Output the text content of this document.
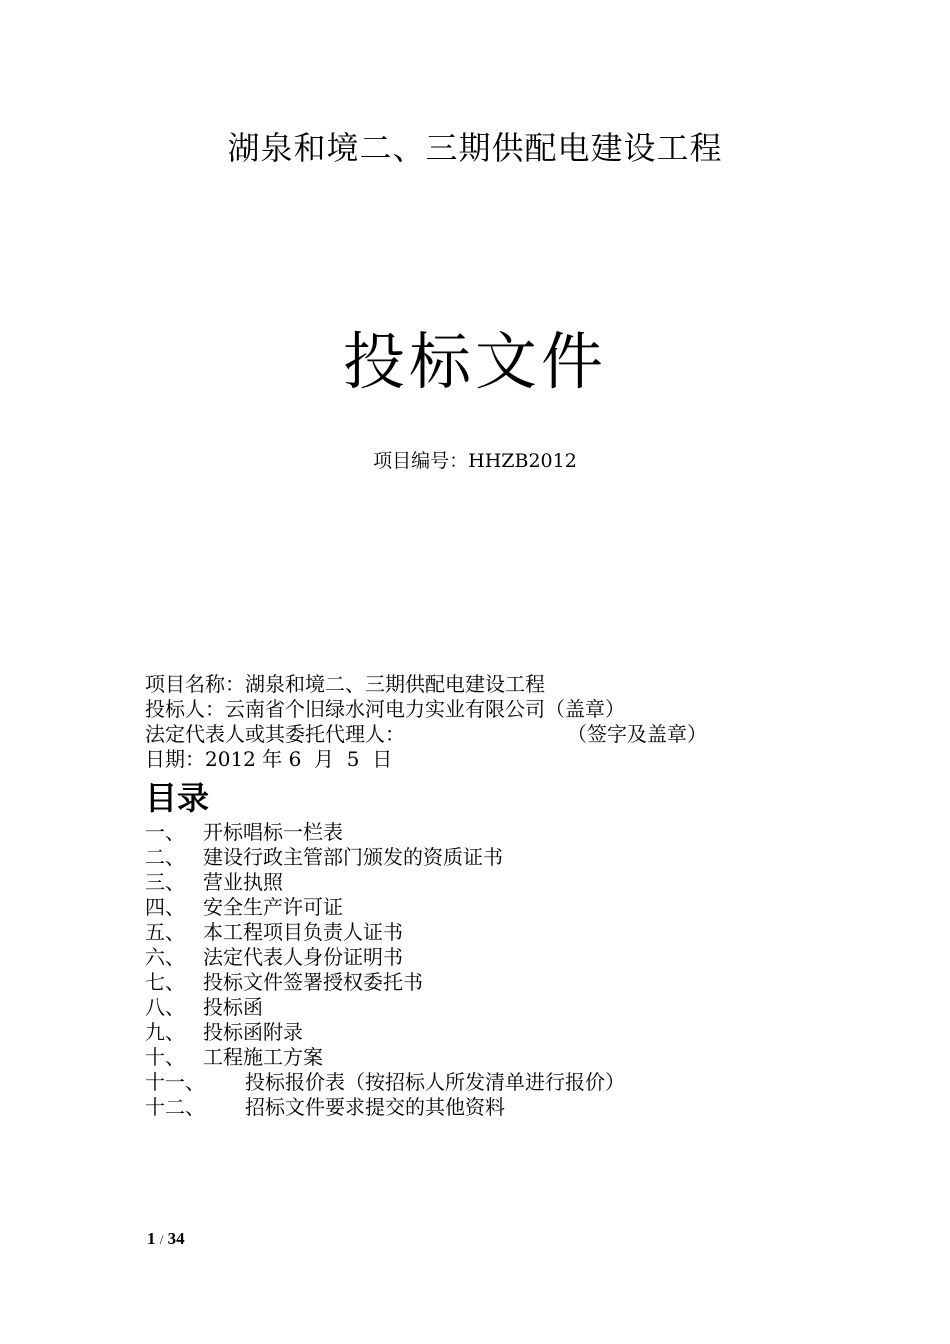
湖泉和境二、三期供配电建设工程
投标文件
项目编号：HHZB2012
项目名称：湖泉和境二、三期供配电建设工程
投标人：云南省个旧绿水河电力实业有限公司（盖章）
法定代表人或其委托代理人：	（签字及盖章）
日期：2012 年 6  月  5  日
目录
一、 开标唱标一栏表
二、 建设行政主管部门颁发的资质证书
三、 营业执照
四、 安全生产许可证
五、 本工程项目负责人证书
六、 法定代表人身份证明书
七、 投标文件签署授权委托书
八、 投标函
九、 投标函附录
十、 工程施工方案
十一、 投标报价表（按招标人所发清单进行报价）
十二、 招标文件要求提交的其他资料
1 / 34
